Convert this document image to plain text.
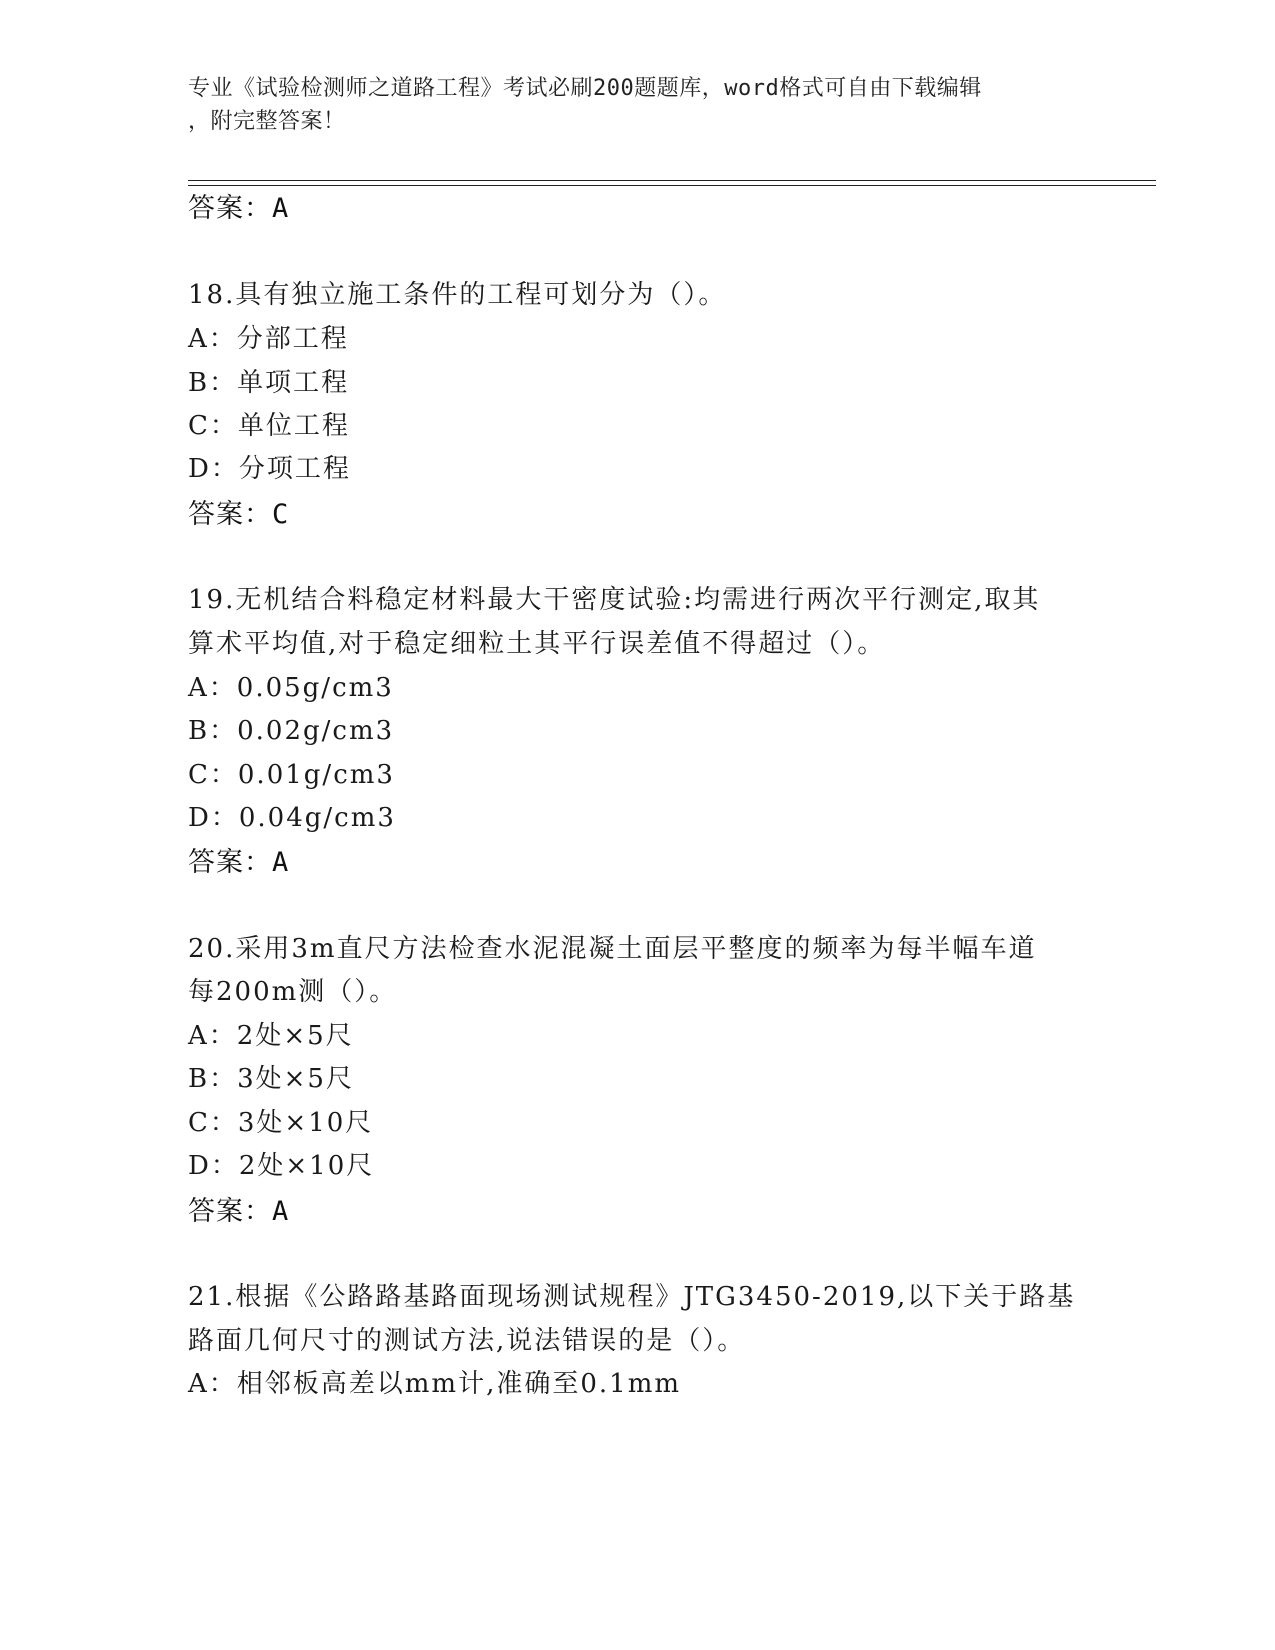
专业《试验检测师之道路工程》考试必刷200题题库，word格式可自由下载编辑
，附完整答案！
答案：A
18.具有独立施工条件的工程可划分为（）。
A：分部工程
B：单项工程
C：单位工程
D：分项工程
答案：C
19.无机结合料稳定材料最大干密度试验:均需进行两次平行测定,取其
算术平均值,对于稳定细粒土其平行误差值不得超过（）。
A：0.05g/cm3
B：0.02g/cm3
C：0.01g/cm3
D：0.04g/cm3
答案：A
20.采用3m直尺方法检查水泥混凝土面层平整度的频率为每半幅车道
每200m测（）。
A：2处×5尺
B：3处×5尺
C：3处×10尺
D：2处×10尺
答案：A
21.根据《公路路基路面现场测试规程》JTG3450-2019,以下关于路基
路面几何尺寸的测试方法,说法错误的是（）。
A：相邻板高差以mm计,准确至0.1mm
